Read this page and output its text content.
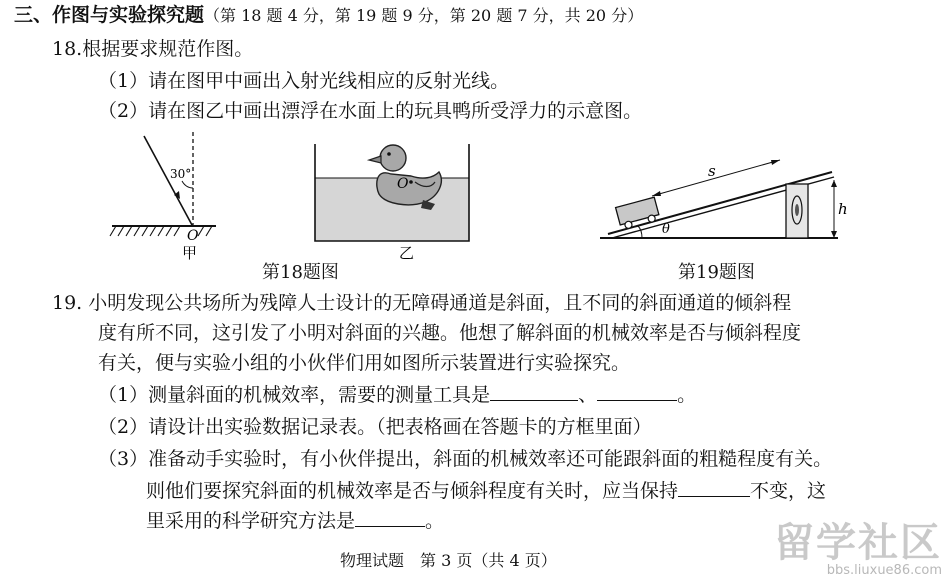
三、作图与实验探究题（第 18 题 4 分，第 19 题 9 分，第 20 题 7 分，共 20 分）
18.根据要求规范作图。
（1）请在图甲中画出入射光线相应的反射光线。
（2）请在图乙中画出漂浮在水面上的玩具鸭所受浮力的示意图。
30°
O
甲
O
乙
第18题图
s
h
θ
第19题图
19. 小明发现公共场所为残障人士设计的无障碍通道是斜面，且不同的斜面通道的倾斜程
度有所不同，这引发了小明对斜面的兴趣。他想了解斜面的机械效率是否与倾斜程度
有关，便与实验小组的小伙伴们用如图所示装置进行实验探究。
（1）测量斜面的机械效率，需要的测量工具是	、	。
（2）请设计出实验数据记录表。（把表格画在答题卡的方框里面）
（3）准备动手实验时，有小伙伴提出，斜面的机械效率还可能跟斜面的粗糙程度有关。
则他们要探究斜面的机械效率是否与倾斜程度有关时，应当保持	不变，这
里采用的科学研究方法是	。
物理试题　第 3 页（共 4 页）	留学社区
bbs.liuxue86.com
